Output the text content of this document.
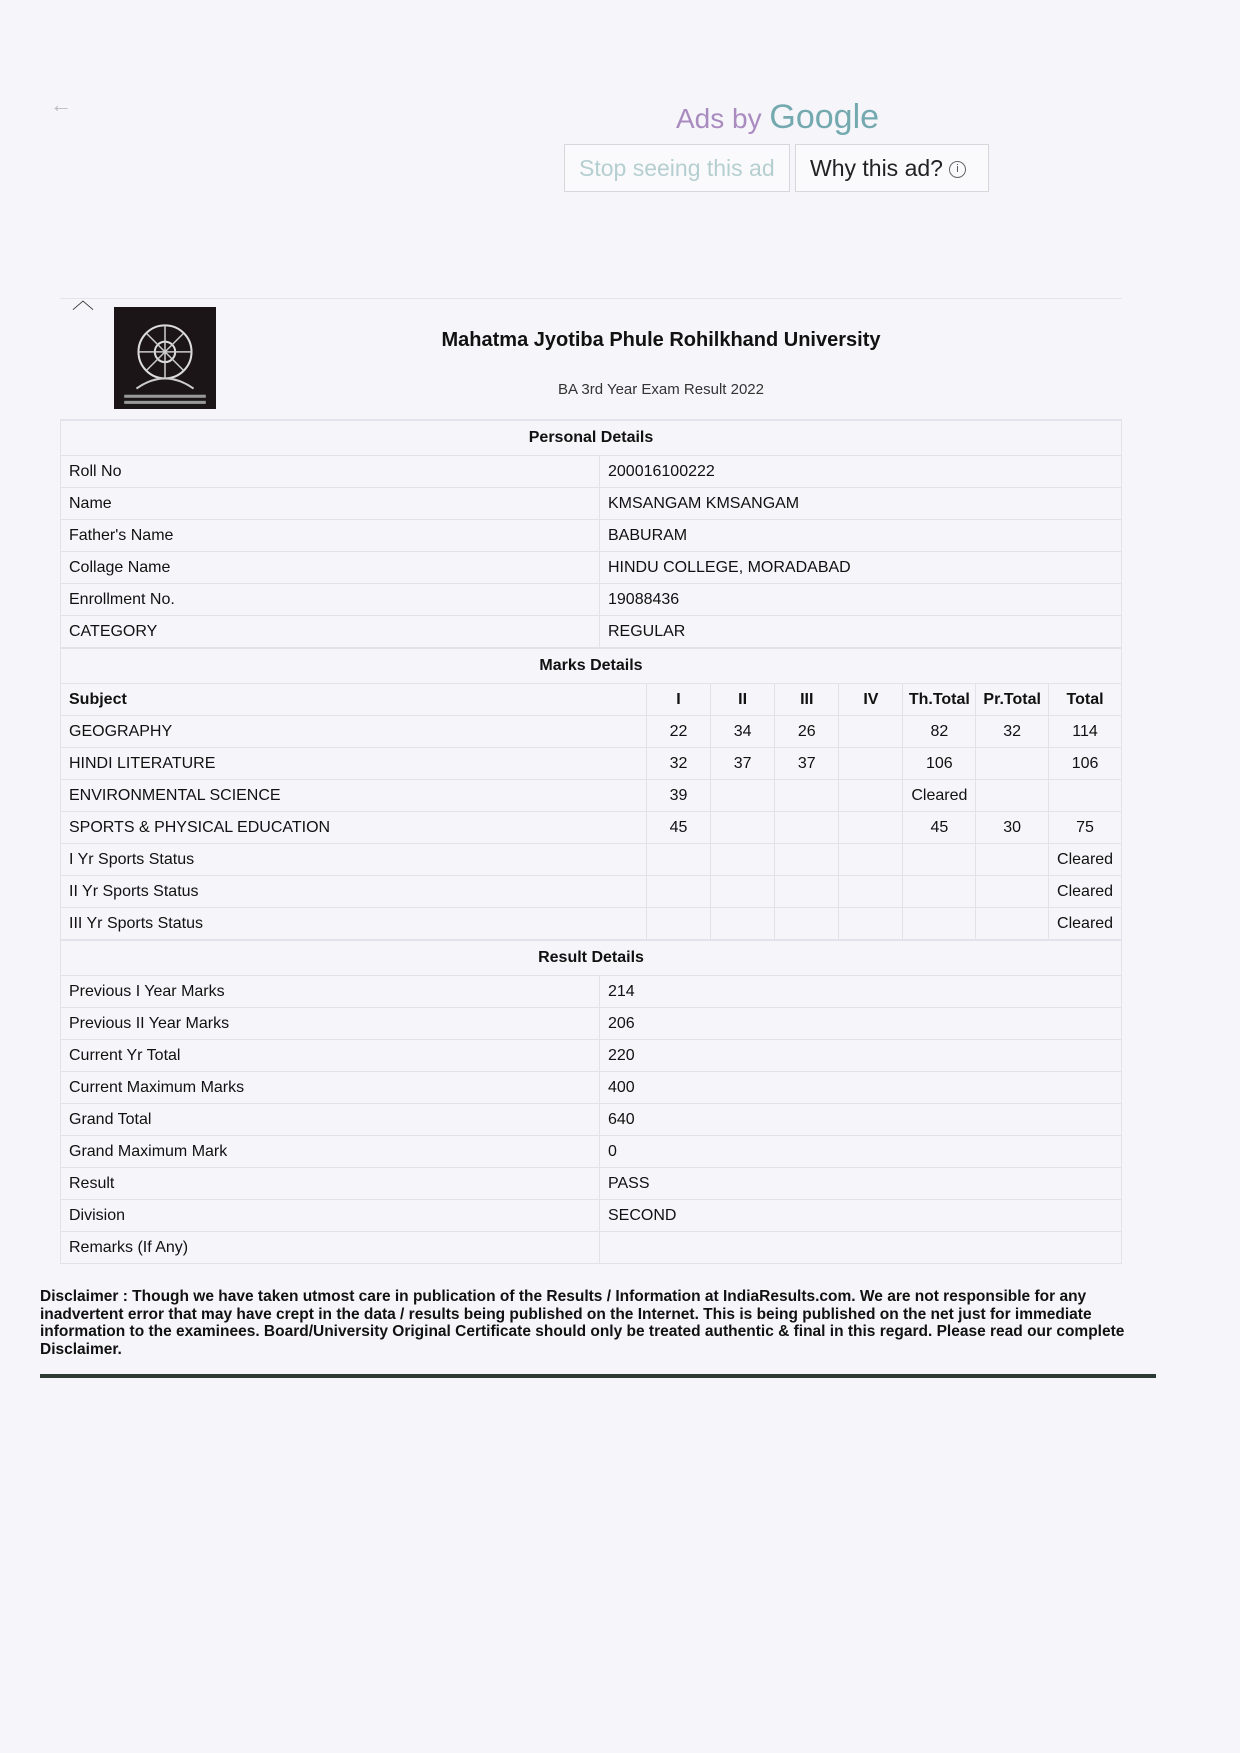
←	Ads by Google
Stop seeing this ad	Why this ad? i
︿
Mahatma Jyotiba Phule Rohilkhand University
BA 3rd Year Exam Result 2022
Personal Details	
Roll No	200016100222
Name	KMSANGAM KMSANGAM
Father's Name	BABURAM
Collage Name	HINDU COLLEGE, MORADABAD
Enrollment No.	19088436
CATEGORY	REGULAR
Marks Details							
Subject	I	II	III	IV	Th.Total	Pr.Total	Total
GEOGRAPHY	22	34	26		82	32	114
HINDI LITERATURE	32	37	37		106		106
ENVIRONMENTAL SCIENCE	39				Cleared		
SPORTS & PHYSICAL EDUCATION	45				45	30	75
I Yr Sports Status							Cleared
II Yr Sports Status							Cleared
III Yr Sports Status							Cleared
Result Details	
Previous I Year Marks	214
Previous II Year Marks	206
Current Yr Total	220
Current Maximum Marks	400
Grand Total	640
Grand Maximum Mark	0
Result	PASS
Division	SECOND
Remarks (If Any)	
Disclaimer : Though we have taken utmost care in publication of the Results / Information at IndiaResults.com. We are not responsible for any inadvertent error that may have crept in the data / results being published on the Internet. This is being published on the net just for immediate information to the examinees. Board/University Original Certificate should only be treated authentic & final in this regard. Please read our complete Disclaimer.
